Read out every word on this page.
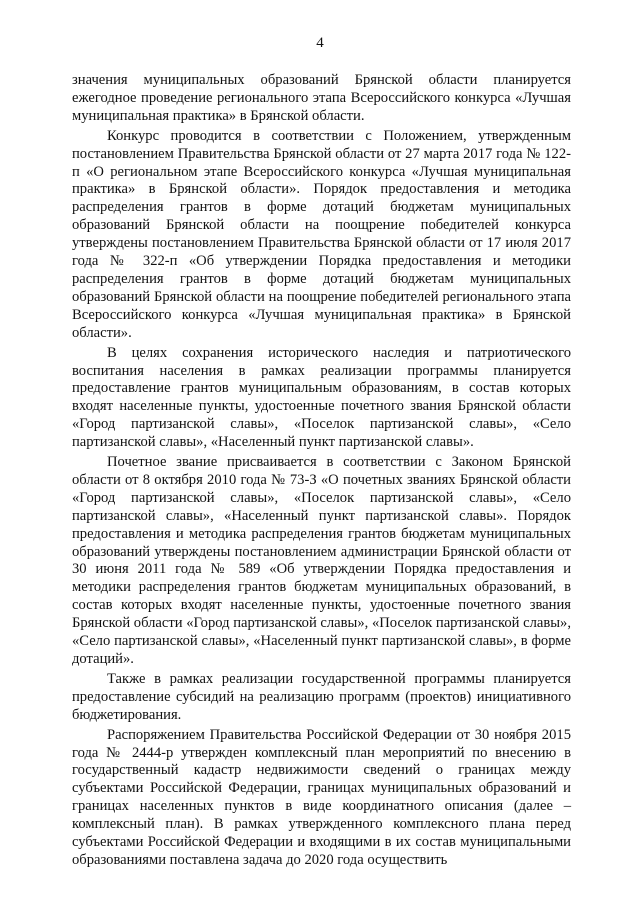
4

значения муниципальных образований Брянской области планируется ежегодное проведение регионального этапа Всероссийского конкурса «Лучшая муниципальная практика» в Брянской области.

Конкурс проводится в соответствии с Положением, утвержденным постановлением Правительства Брянской области от 27 марта 2017 года № 122-п «О региональном этапе Всероссийского конкурса «Лучшая муниципальная практика» в Брянской области». Порядок предоставления и методика распределения грантов в форме дотаций бюджетам муниципальных образований Брянской области на поощрение победителей конкурса утверждены постановлением Правительства Брянской области от 17 июля 2017 года № 322-п «Об утверждении Порядка предоставления и методики распределения грантов в форме дотаций бюджетам муниципальных образований Брянской области на поощрение победителей регионального этапа Всероссийского конкурса «Лучшая муниципальная практика» в Брянской области».

В целях сохранения исторического наследия и патриотического воспитания населения в рамках реализации программы планируется предоставление грантов муниципальным образованиям, в состав которых входят населенные пункты, удостоенные почетного звания Брянской области «Город партизанской славы», «Поселок партизанской славы», «Село партизанской славы», «Населенный пункт партизанской славы».

Почетное звание присваивается в соответствии с Законом Брянской области от 8 октября 2010 года № 73-З «О почетных званиях Брянской области «Город партизанской славы», «Поселок партизанской славы», «Село партизанской славы», «Населенный пункт партизанской славы». Порядок предоставления и методика распределения грантов бюджетам муниципальных образований утверждены постановлением администрации Брянской области от 30 июня 2011 года № 589 «Об утверждении Порядка предоставления и методики распределения грантов бюджетам муниципальных образований, в состав которых входят населенные пункты, удостоенные почетного звания Брянской области «Город партизанской славы», «Поселок партизанской славы», «Село партизанской славы», «Населенный пункт партизанской славы», в форме дотаций».

Также в рамках реализации государственной программы планируется предоставление субсидий на реализацию программ (проектов) инициативного бюджетирования.

Распоряжением Правительства Российской Федерации от 30 ноября 2015 года № 2444-р утвержден комплексный план мероприятий по внесению в государственный кадастр недвижимости сведений о границах между субъектами Российской Федерации, границах муниципальных образований и границах населенных пунктов в виде координатного описания (далее – комплексный план). В рамках утвержденного комплексного плана перед субъектами Российской Федерации и входящими в их состав муниципальными образованиями поставлена задача до 2020 года осуществить
